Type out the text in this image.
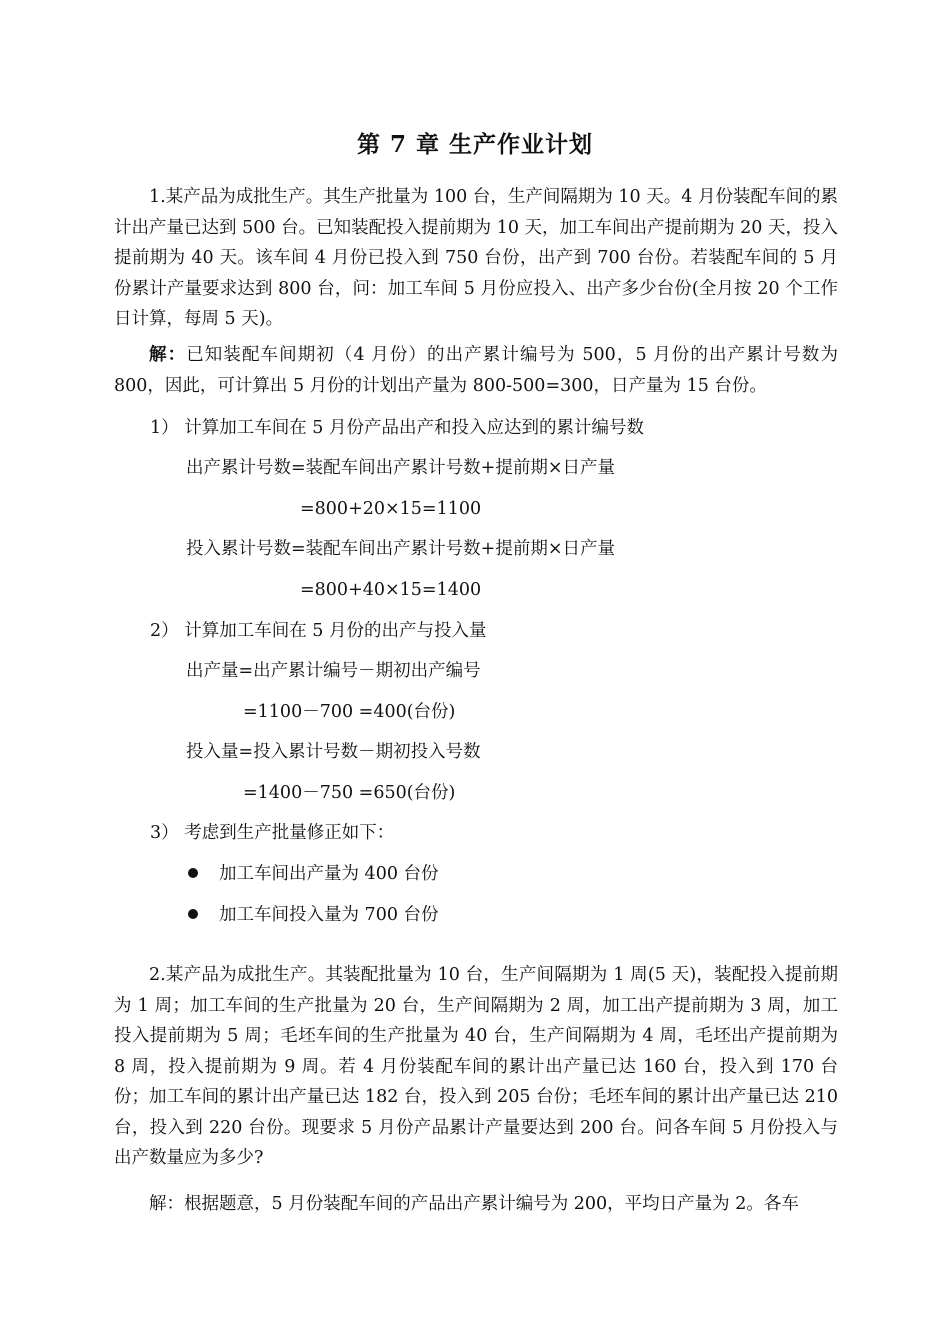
第 7 章 生产作业计划

1.某产品为成批生产。其生产批量为 100 台，生产间隔期为 10 天。4 月份装配车间的累计出产量已达到 500 台。已知装配投入提前期为 10 天，加工车间出产提前期为 20 天，投入提前期为 40 天。该车间 4 月份已投入到 750 台份，出产到 700 台份。若装配车间的 5 月份累计产量要求达到 800 台，问：加工车间 5 月份应投入、出产多少台份(全月按 20 个工作日计算，每周 5 天)。

解：已知装配车间期初（4 月份）的出产累计编号为 500，5 月份的出产累计号数为 800，因此，可计算出 5 月份的计划出产量为 800-500=300，日产量为 15 台份。

1） 计算加工车间在 5 月份产品出产和投入应达到的累计编号数

出产累计号数=装配车间出产累计号数+提前期×日产量

=800+20×15=1100

投入累计号数=装配车间出产累计号数+提前期×日产量

=800+40×15=1400

2） 计算加工车间在 5 月份的出产与投入量

出产量=出产累计编号－期初出产编号

=1100－700 =400(台份)

投入量=投入累计号数－期初投入号数

=1400－750 =650(台份)

3） 考虑到生产批量修正如下：

加工车间出产量为 400 台份

加工车间投入量为 700 台份

2.某产品为成批生产。其装配批量为 10 台，生产间隔期为 1 周(5 天)，装配投入提前期为 1 周；加工车间的生产批量为 20 台，生产间隔期为 2 周，加工出产提前期为 3 周，加工投入提前期为 5 周；毛坯车间的生产批量为 40 台，生产间隔期为 4 周，毛坯出产提前期为 8 周，投入提前期为 9 周。若 4 月份装配车间的累计出产量已达 160 台，投入到 170 台份；加工车间的累计出产量已达 182 台，投入到 205 台份；毛坯车间的累计出产量已达 210 台，投入到 220 台份。现要求 5 月份产品累计产量要达到 200 台。问各车间 5 月份投入与出产数量应为多少?

解：根据题意，5 月份装配车间的产品出产累计编号为 200，平均日产量为 2。各车
